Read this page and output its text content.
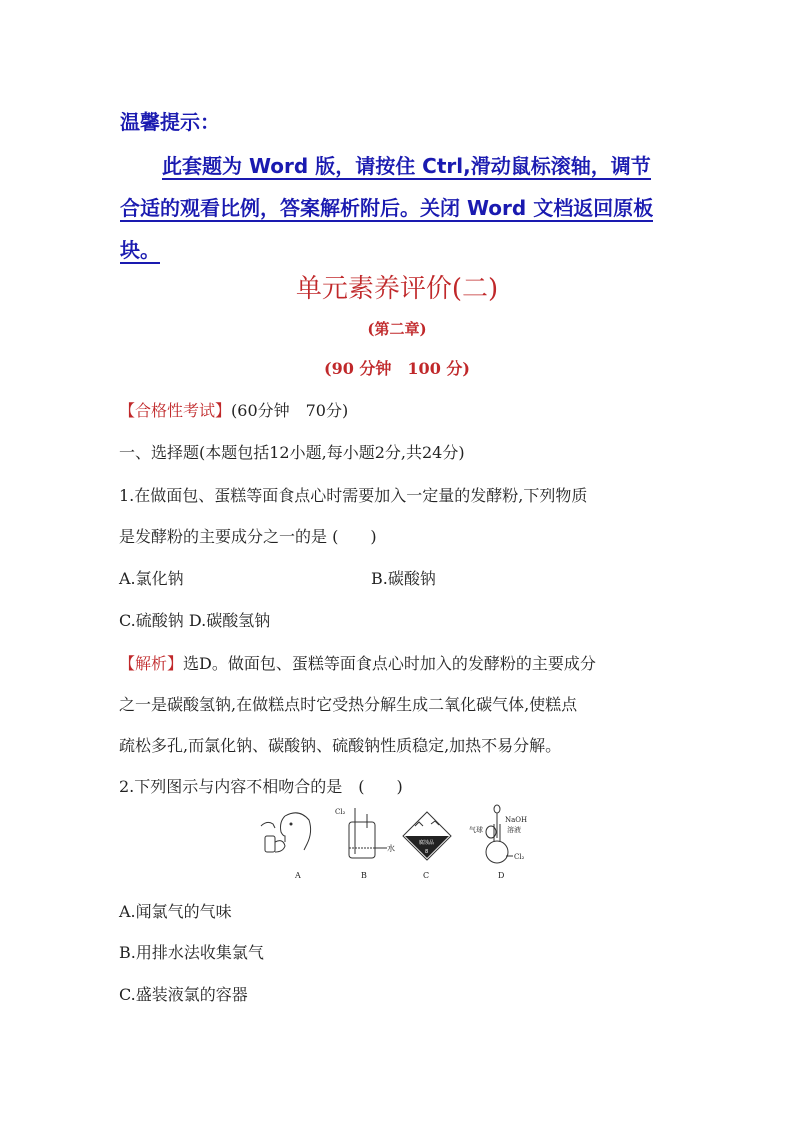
温馨提示：
此套题为 Word 版，请按住 Ctrl,滑动鼠标滚轴，调节
合适的观看比例，答案解析附后。关闭 Word 文档返回原板
块。
单元素养评价(二)
(第二章)
(90 分钟　100 分)
【合格性考试】(60分钟　70分)
一、选择题(本题包括12小题,每小题2分,共24分)
1.在做面包、蛋糕等面食点心时需要加入一定量的发酵粉,下列物质
是发酵粉的主要成分之一的是 (　　)
A.氯化钠	B.碳酸钠
C.硫酸钠 D.碳酸氢钠
【解析】选D。做面包、蛋糕等面食点心时加入的发酵粉的主要成分
之一是碳酸氢钠,在做糕点时它受热分解生成二氧化碳气体,使糕点
疏松多孔,而氯化钠、碳酸钠、硫酸钠性质稳定,加热不易分解。
2.下列图示与内容不相吻合的是　(　　)
A
Cl₂
水
B
腐蚀品
8
C
NaOH
溶液
气球
Cl₂
D
A.闻氯气的气味
B.用排水法收集氯气
C.盛装液氯的容器
